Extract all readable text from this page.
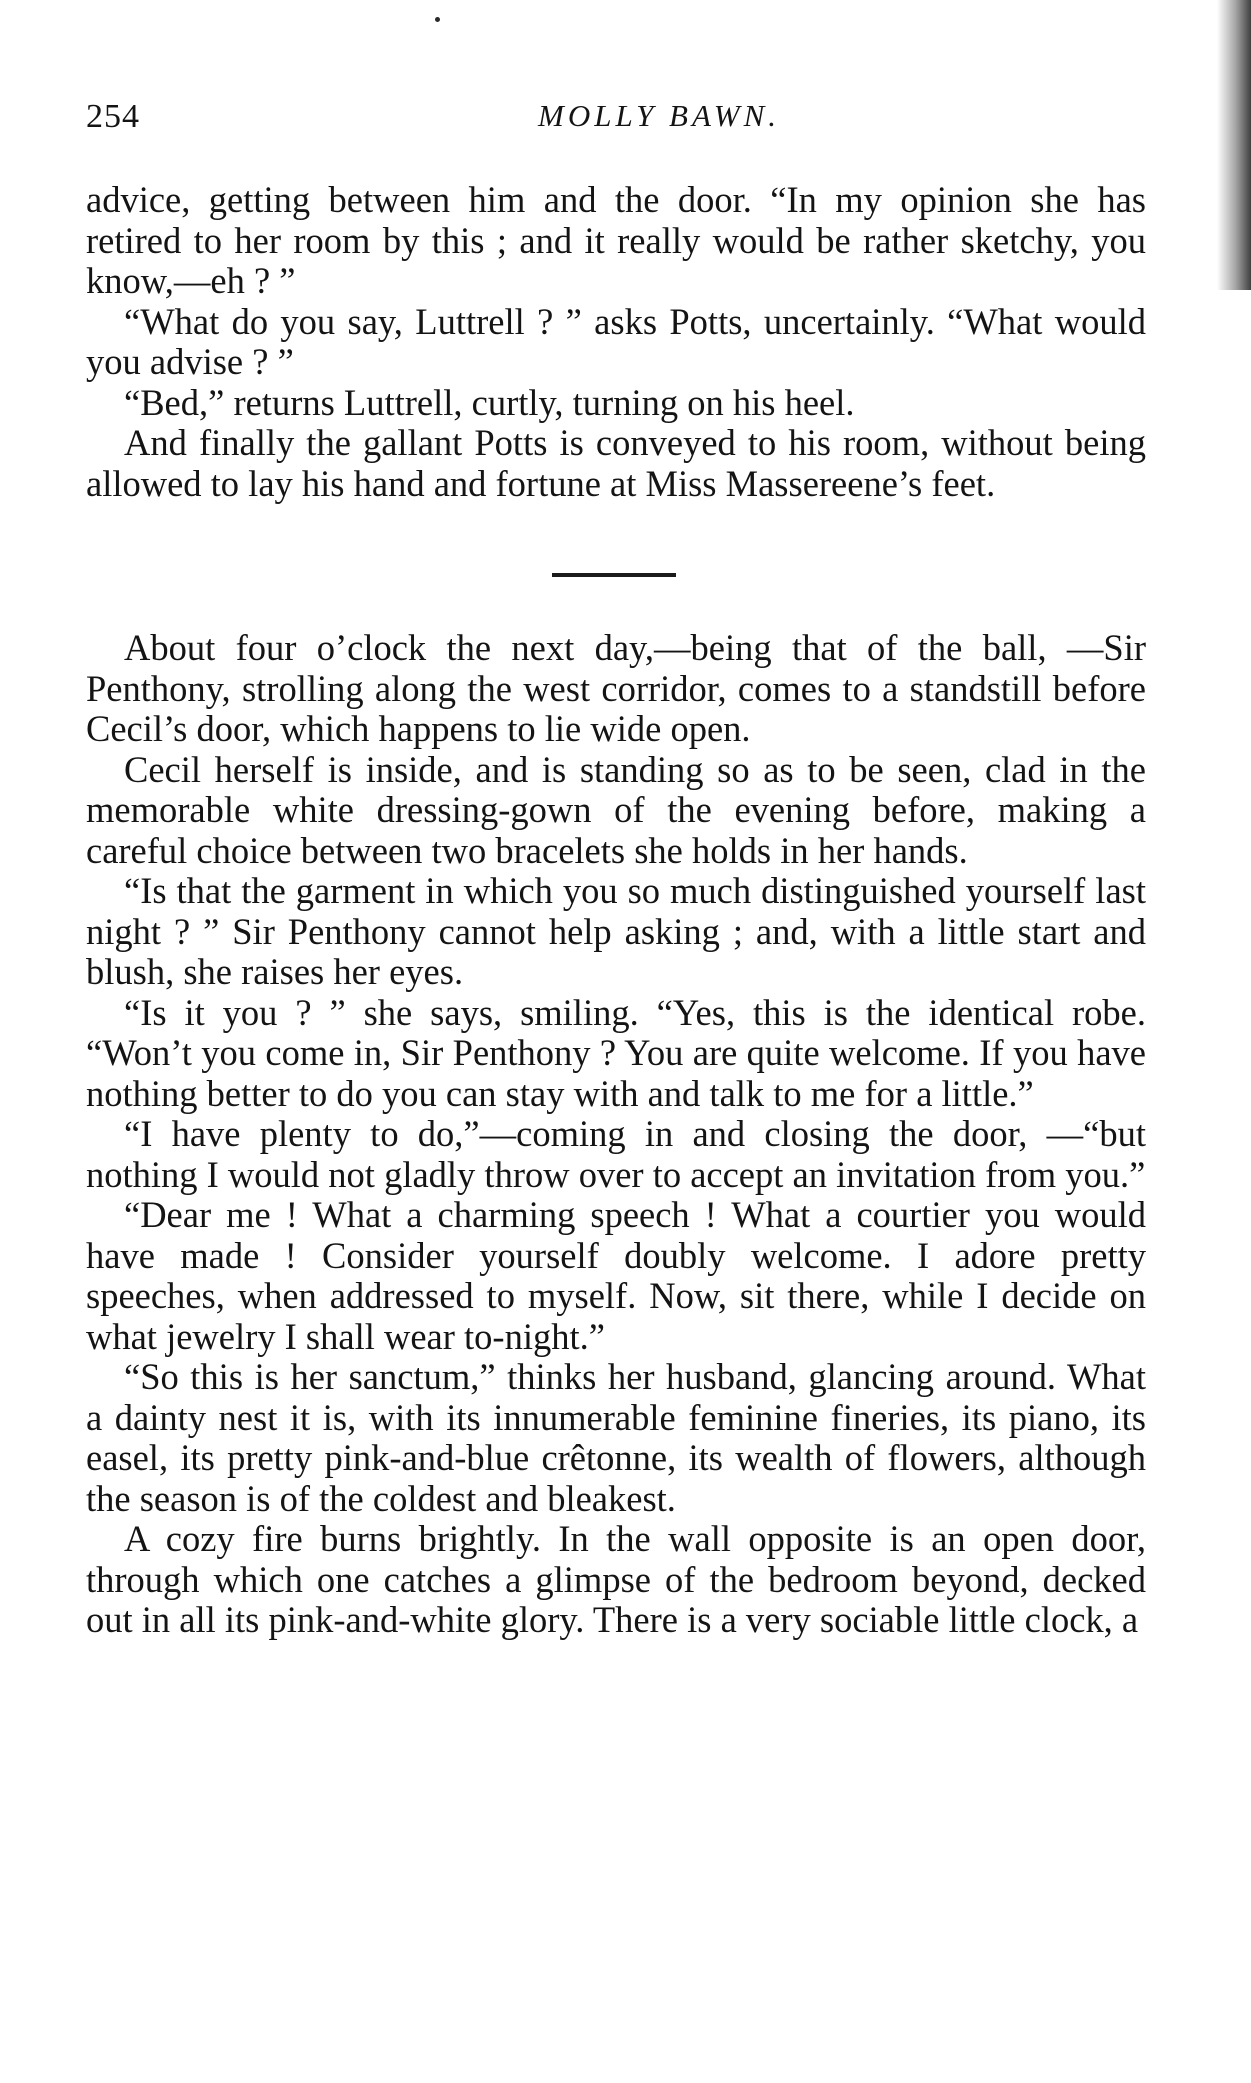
254	MOLLY BAWN.

advice, getting between him and the door. “In my opinion she has retired to her room by this ; and it really would be rather sketchy, you know,—eh ? ”

“What do you say, Luttrell ? ” asks Potts, uncertainly. “What would you advise ? ”

“Bed,” returns Luttrell, curtly, turning on his heel.

And finally the gallant Potts is conveyed to his room, without being allowed to lay his hand and fortune at Miss Massereene’s feet.

About four o’clock the next day,—being that of the ball, —Sir Penthony, strolling along the west corridor, comes to a standstill before Cecil’s door, which happens to lie wide open.

Cecil herself is inside, and is standing so as to be seen, clad in the memorable white dressing-gown of the evening before, making a careful choice between two bracelets she holds in her hands.

“Is that the garment in which you so much distinguished yourself last night ? ” Sir Penthony cannot help asking ; and, with a little start and blush, she raises her eyes.

“Is it you ? ” she says, smiling. “Yes, this is the identical robe. “Won’t you come in, Sir Penthony ? You are quite welcome. If you have nothing better to do you can stay with and talk to me for a little.”

“I have plenty to do,”—coming in and closing the door, —“but nothing I would not gladly throw over to accept an invitation from you.”

“Dear me ! What a charming speech ! What a courtier you would have made ! Consider yourself doubly welcome. I adore pretty speeches, when addressed to myself. Now, sit there, while I decide on what jewelry I shall wear to-night.”

“So this is her sanctum,” thinks her husband, glancing around. What a dainty nest it is, with its innumerable feminine fineries, its piano, its easel, its pretty pink-and-blue crêtonne, its wealth of flowers, although the season is of the coldest and bleakest.

A cozy fire burns brightly. In the wall opposite is an open door, through which one catches a glimpse of the bedroom beyond, decked out in all its pink-and-white glory. There is a very sociable little clock, a
